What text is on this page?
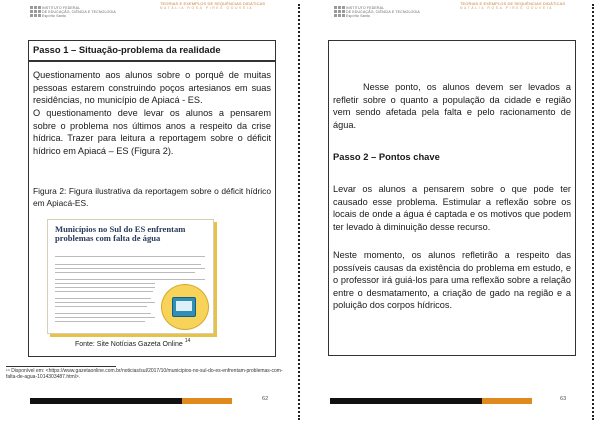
INSTITUTO FEDERAL
DE EDUCAÇÃO, CIÊNCIA E TECNOLOGIA
Espírito Santo
TEORIAS E EXEMPLOS DE SEQUÊNCIAS DIDÁTICAS
NATÁLIA ROSA PIRES GOUVEIA
Passo 1 – Situação-problema da realidade
Questionamento aos alunos sobre o porquê de muitas pessoas estarem construindo poços artesianos em suas residências, no município de Apiacá - ES.
O questionamento deve levar os alunos a pensarem sobre o problema nos últimos anos a respeito da crise hídrica. Trazer para leitura a reportagem sobre o déficit hídrico em Apiacá – ES (Figura 2).
Figura 2: Figura ilustrativa da reportagem sobre o déficit hídrico em Apiacá-ES.
Municípios no Sul do ES enfrentam problemas com falta de água
Fonte: Site Notícias Gazeta Online $^{14}$
¹⁴ Disponível em: <https://www.gazetaonline.com.br/noticias/sul/2017/10/municipios-no-sul-do-es-enfrentam-problemas-com-falta-de-agua-1014303487.html>.
62
INSTITUTO FEDERAL
DE EDUCAÇÃO, CIÊNCIA E TECNOLOGIA
Espírito Santo
TEORIAS E EXEMPLOS DE SEQUÊNCIAS DIDÁTICAS
NATÁLIA ROSA PIRES GOUVEIA
Nesse ponto, os alunos devem ser levados a refletir sobre o quanto a população da cidade e região vem sendo afetada pela falta e pelo racionamento de água.
Passo 2 – Pontos chave
Levar os alunos a pensarem sobre o que pode ter causado esse problema. Estimular a reflexão sobre os locais de onde a água é captada e os motivos que podem ter levado à diminuição desse recurso.
Neste momento, os alunos refletirão a respeito das possíveis causas da existência do problema em estudo, e o professor irá guiá-los para uma reflexão sobre a relação entre o desmatamento, a criação de gado na região e a poluição dos corpos hídricos.
63
